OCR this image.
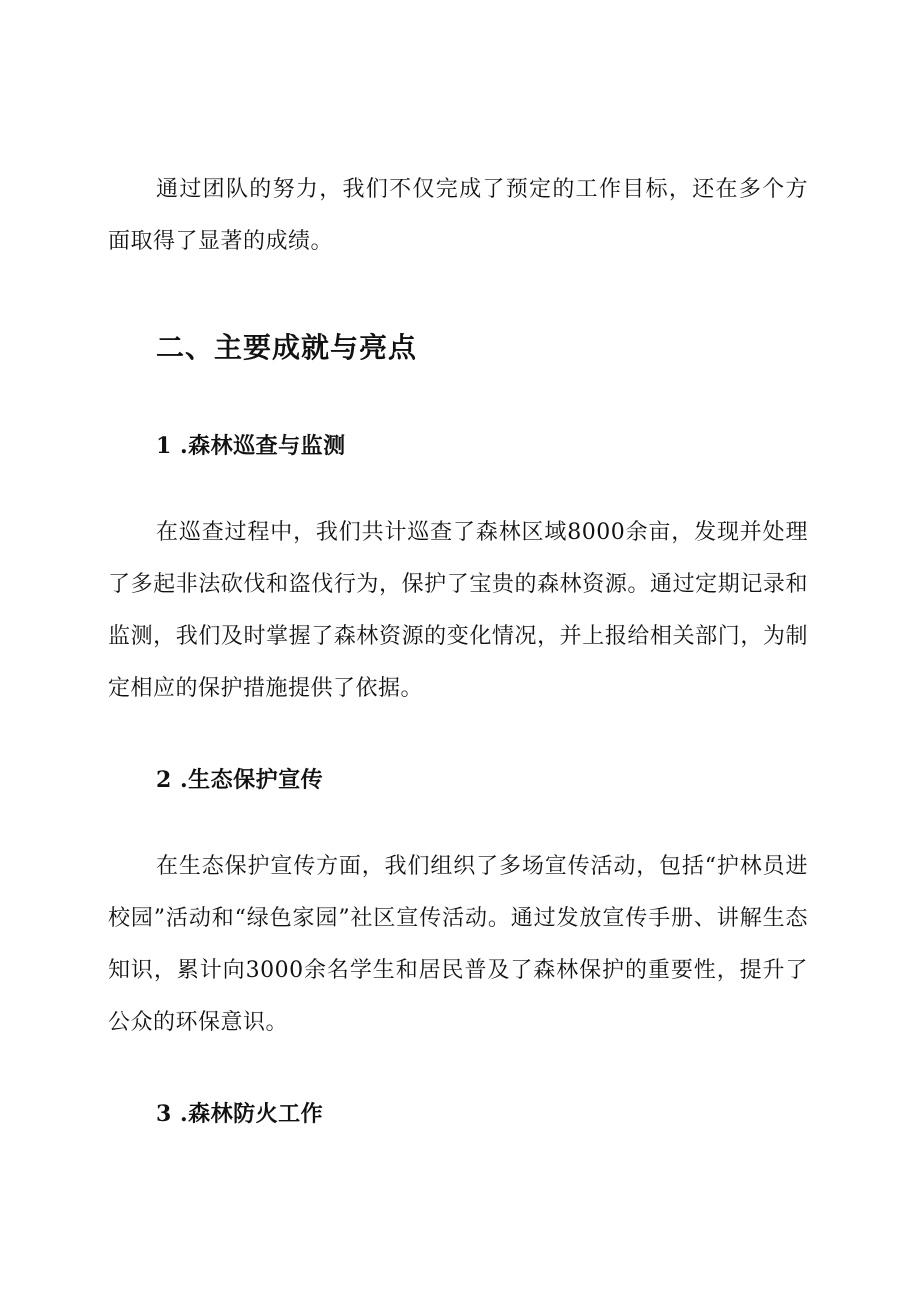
通过团队的努力，我们不仅完成了预定的工作目标，还在多个方面取得了显著的成绩。

二、主要成就与亮点
1 .森林巡查与监测

在巡查过程中，我们共计巡查了森林区域8000余亩，发现并处理了多起非法砍伐和盗伐行为，保护了宝贵的森林资源。通过定期记录和监测，我们及时掌握了森林资源的变化情况，并上报给相关部门，为制定相应的保护措施提供了依据。

2 .生态保护宣传

在生态保护宣传方面，我们组织了多场宣传活动，包括“护林员进校园”活动和“绿色家园”社区宣传活动。通过发放宣传手册、讲解生态知识，累计向3000余名学生和居民普及了森林保护的重要性，提升了公众的环保意识。

3 .森林防火工作
